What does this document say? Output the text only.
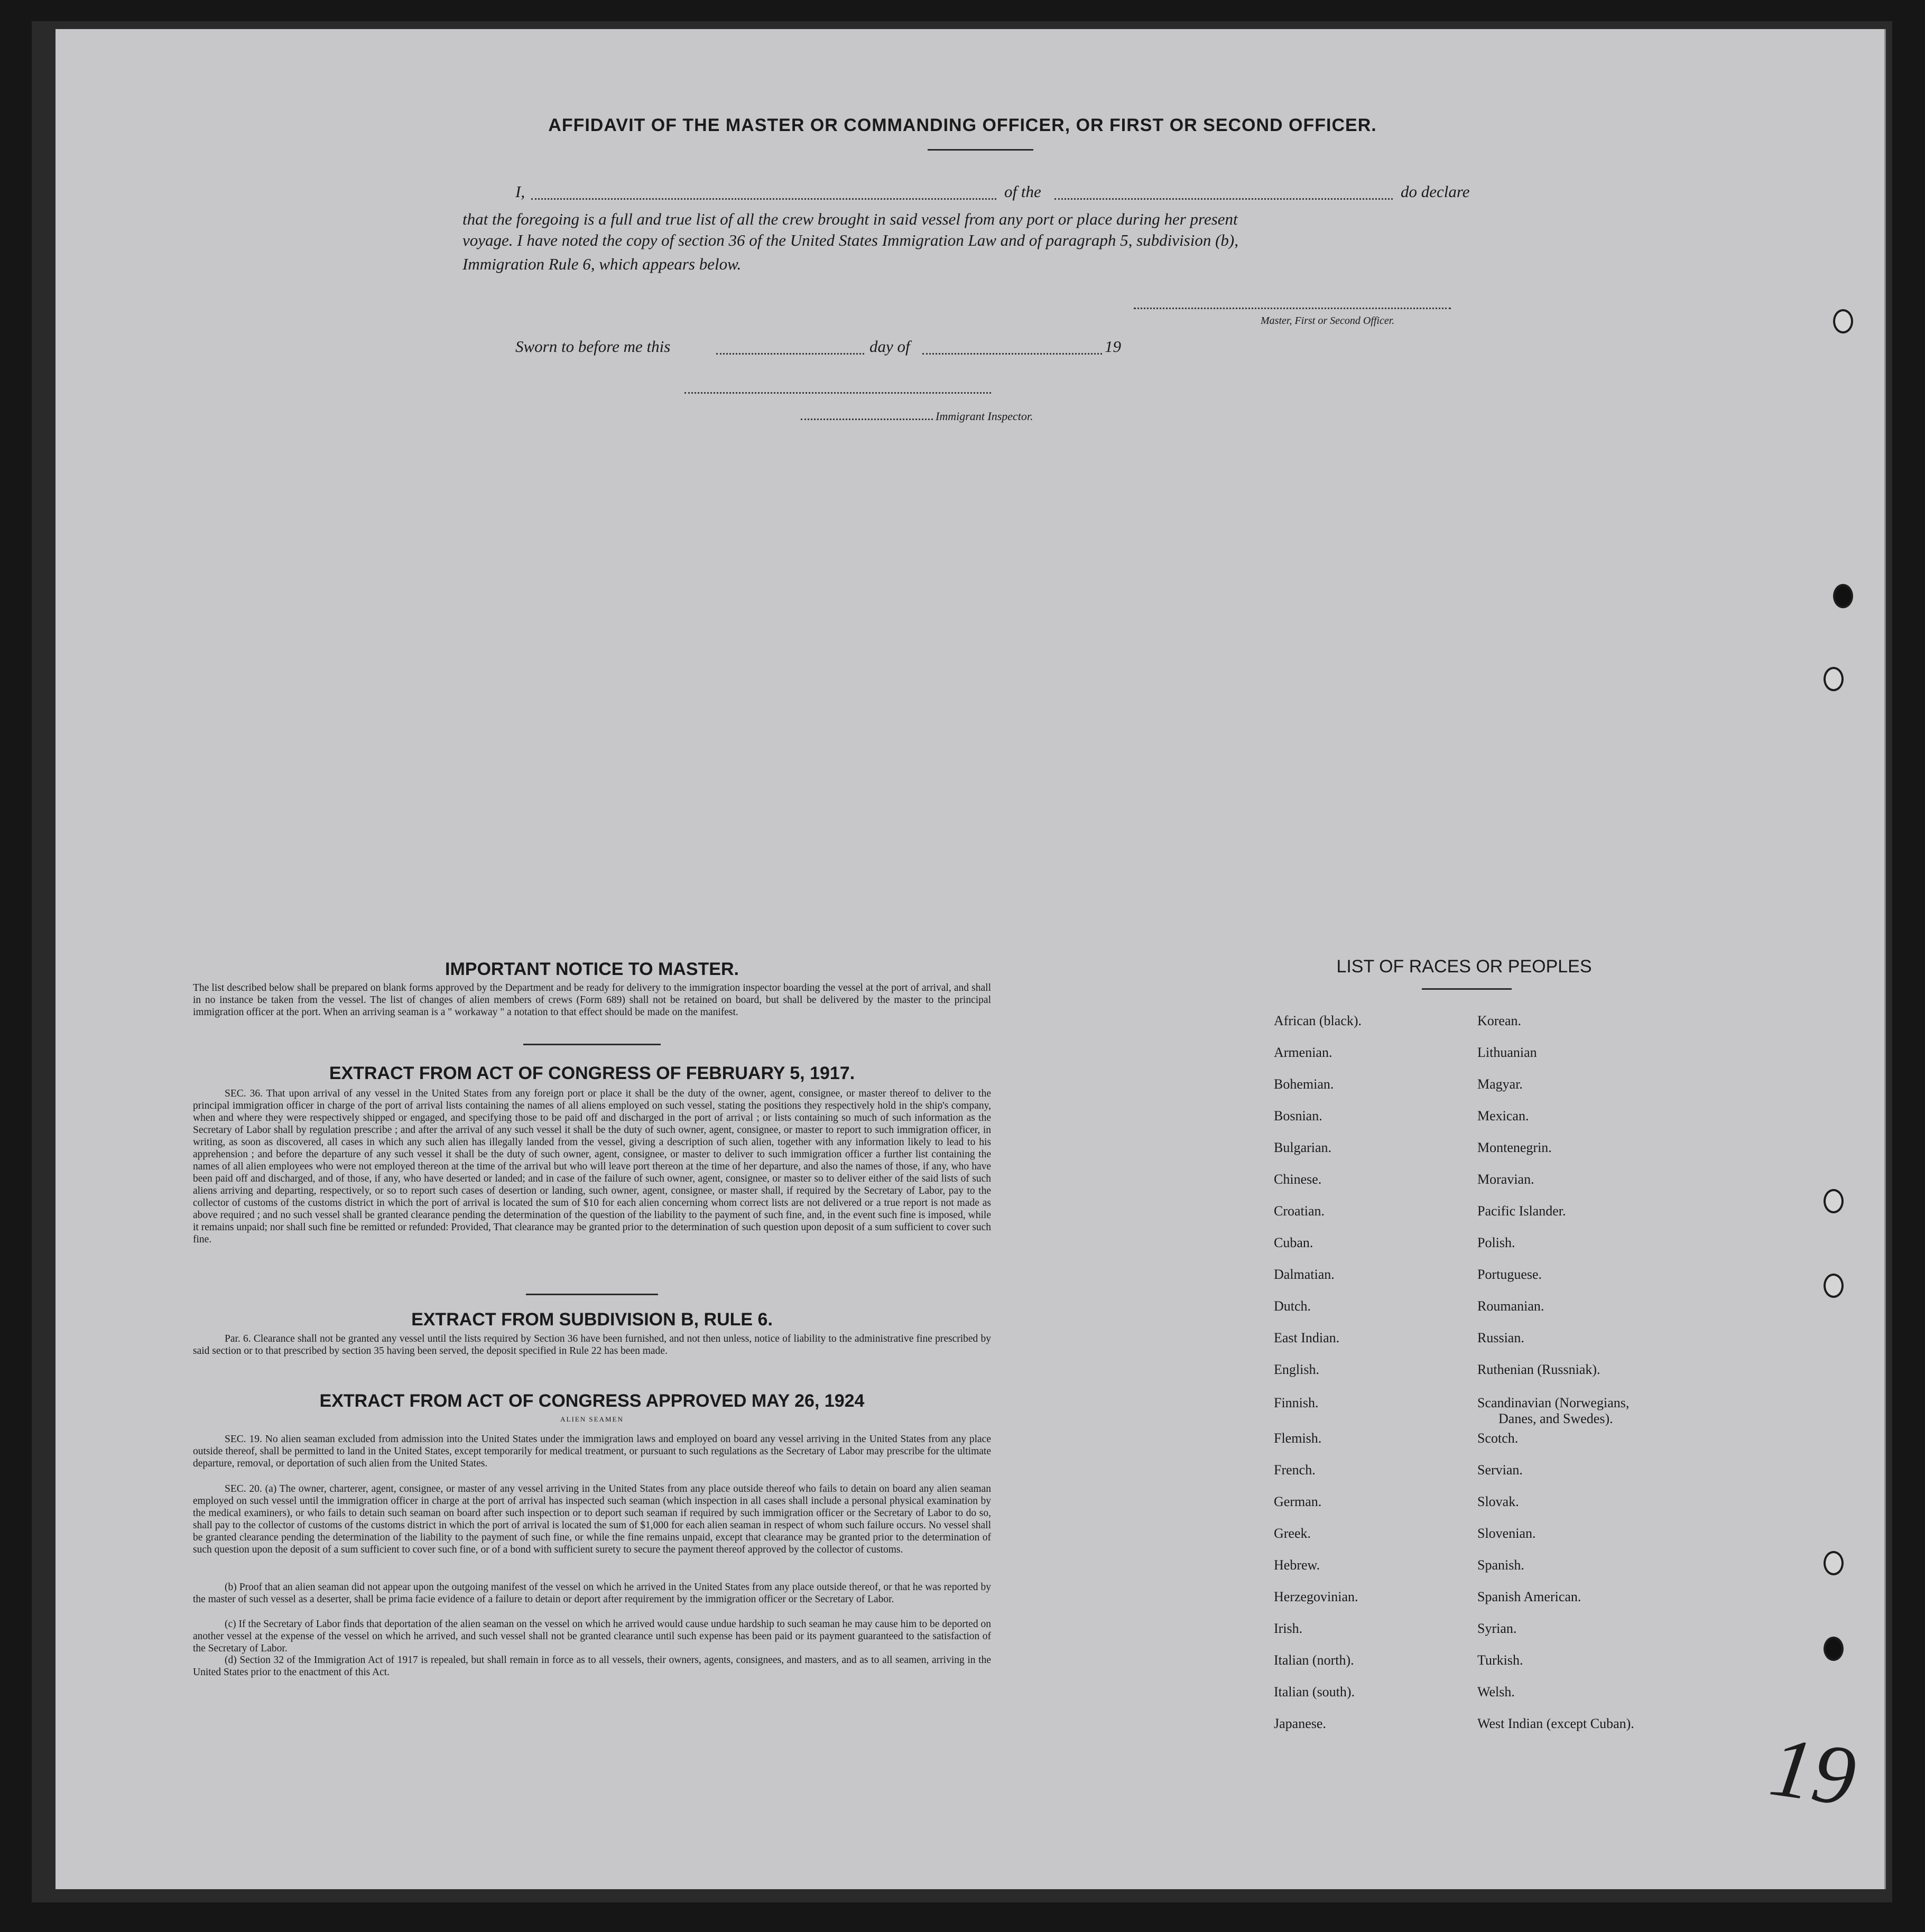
AFFIDAVIT OF THE MASTER OR COMMANDING OFFICER, OR FIRST OR SECOND OFFICER.
I,	of the	do declare
that the foregoing is a full and true list of all the crew brought in said vessel from any port or place during her present
voyage. I have noted the copy of section 36 of the United States Immigration Law and of paragraph 5, subdivision (b),
Immigration Rule 6, which appears below.
Master, First or Second Officer.
Sworn to before me this	day of	19
Immigrant Inspector.
IMPORTANT NOTICE TO MASTER.
The list described below shall be prepared on blank forms approved by the Department and be ready for delivery to the immigration inspector boarding the vessel at the port of arrival, and shall in no instance be taken from the vessel. The list of changes of alien members of crews (Form 689) shall not be retained on board, but shall be delivered by the master to the principal immigration officer at the port. When an arriving seaman is a " workaway " a notation to that effect should be made on the manifest.
EXTRACT FROM ACT OF CONGRESS OF FEBRUARY 5, 1917.
SEC. 36. That upon arrival of any vessel in the United States from any foreign port or place it shall be the duty of the owner, agent, consignee, or master thereof to deliver to the principal immigration officer in charge of the port of arrival lists containing the names of all aliens employed on such vessel, stating the positions they respectively hold in the ship's company, when and where they were respectively shipped or engaged, and specifying those to be paid off and discharged in the port of arrival ; or lists containing so much of such information as the Secretary of Labor shall by regulation prescribe ; and after the arrival of any such vessel it shall be the duty of such owner, agent, consignee, or master to report to such immigration officer, in writing, as soon as discovered, all cases in which any such alien has illegally landed from the vessel, giving a description of such alien, together with any information likely to lead to his apprehension ; and before the departure of any such vessel it shall be the duty of such owner, agent, consignee, or master to deliver to such immigration officer a further list containing the names of all alien employees who were not employed thereon at the time of the arrival but who will leave port thereon at the time of her departure, and also the names of those, if any, who have been paid off and discharged, and of those, if any, who have deserted or landed; and in case of the failure of such owner, agent, consignee, or master so to deliver either of the said lists of such aliens arriving and departing, respectively, or so to report such cases of desertion or landing, such owner, agent, consignee, or master shall, if required by the Secretary of Labor, pay to the collector of customs of the customs district in which the port of arrival is located the sum of $10 for each alien concerning whom correct lists are not delivered or a true report is not made as above required ; and no such vessel shall be granted clearance pending the determination of the question of the liability to the payment of such fine, and, in the event such fine is imposed, while it remains unpaid; nor shall such fine be remitted or refunded: Provided, That clearance may be granted prior to the determination of such question upon deposit of a sum sufficient to cover such fine.
EXTRACT FROM SUBDIVISION B, RULE 6.
Par. 6. Clearance shall not be granted any vessel until the lists required by Section 36 have been furnished, and not then unless, notice of liability to the administrative fine prescribed by said section or to that prescribed by section 35 having been served, the deposit specified in Rule 22 has been made.
EXTRACT FROM ACT OF CONGRESS APPROVED MAY 26, 1924
ALIEN SEAMEN
SEC. 19. No alien seaman excluded from admission into the United States under the immigration laws and employed on board any vessel arriving in the United States from any place outside thereof, shall be permitted to land in the United States, except temporarily for medical treatment, or pursuant to such regulations as the Secretary of Labor may prescribe for the ultimate departure, removal, or deportation of such alien from the United States.
SEC. 20. (a) The owner, charterer, agent, consignee, or master of any vessel arriving in the United States from any place outside thereof who fails to detain on board any alien seaman employed on such vessel until the immigration officer in charge at the port of arrival has inspected such seaman (which inspection in all cases shall include a personal physical examination by the medical examiners), or who fails to detain such seaman on board after such inspection or to deport such seaman if required by such immigration officer or the Secretary of Labor to do so, shall pay to the collector of customs of the customs district in which the port of arrival is located the sum of $1,000 for each alien seaman in respect of whom such failure occurs. No vessel shall be granted clearance pending the determination of the liability to the payment of such fine, or while the fine remains unpaid, except that clearance may be granted prior to the determination of such question upon the deposit of a sum sufficient to cover such fine, or of a bond with sufficient surety to secure the payment thereof approved by the collector of customs.
(b) Proof that an alien seaman did not appear upon the outgoing manifest of the vessel on which he arrived in the United States from any place outside thereof, or that he was reported by the master of such vessel as a deserter, shall be prima facie evidence of a failure to detain or deport after requirement by the immigration officer or the Secretary of Labor.
(c) If the Secretary of Labor finds that deportation of the alien seaman on the vessel on which he arrived would cause undue hardship to such seaman he may cause him to be deported on another vessel at the expense of the vessel on which he arrived, and such vessel shall not be granted clearance until such expense has been paid or its payment guaranteed to the satisfaction of the Secretary of Labor.
(d) Section 32 of the Immigration Act of 1917 is repealed, but shall remain in force as to all vessels, their owners, agents, consignees, and masters, and as to all seamen, arriving in the United States prior to the enactment of this Act.
LIST OF RACES OR PEOPLES
African (black).
Armenian.
Bohemian.
Bosnian.
Bulgarian.
Chinese.
Croatian.
Cuban.
Dalmatian.
Dutch.
East Indian.
English.
Finnish.
Flemish.
French.
German.
Greek.
Hebrew.
Herzegovinian.
Irish.
Italian (north).
Italian (south).
Japanese.
Korean.
Lithuanian
Magyar.
Mexican.
Montenegrin.
Moravian.
Pacific Islander.
Polish.
Portuguese.
Roumanian.
Russian.
Ruthenian (Russniak).
Scandinavian (Norwegians,
Danes, and Swedes).
Scotch.
Servian.
Slovak.
Slovenian.
Spanish.
Spanish American.
Syrian.
Turkish.
Welsh.
West Indian (except Cuban). 19
